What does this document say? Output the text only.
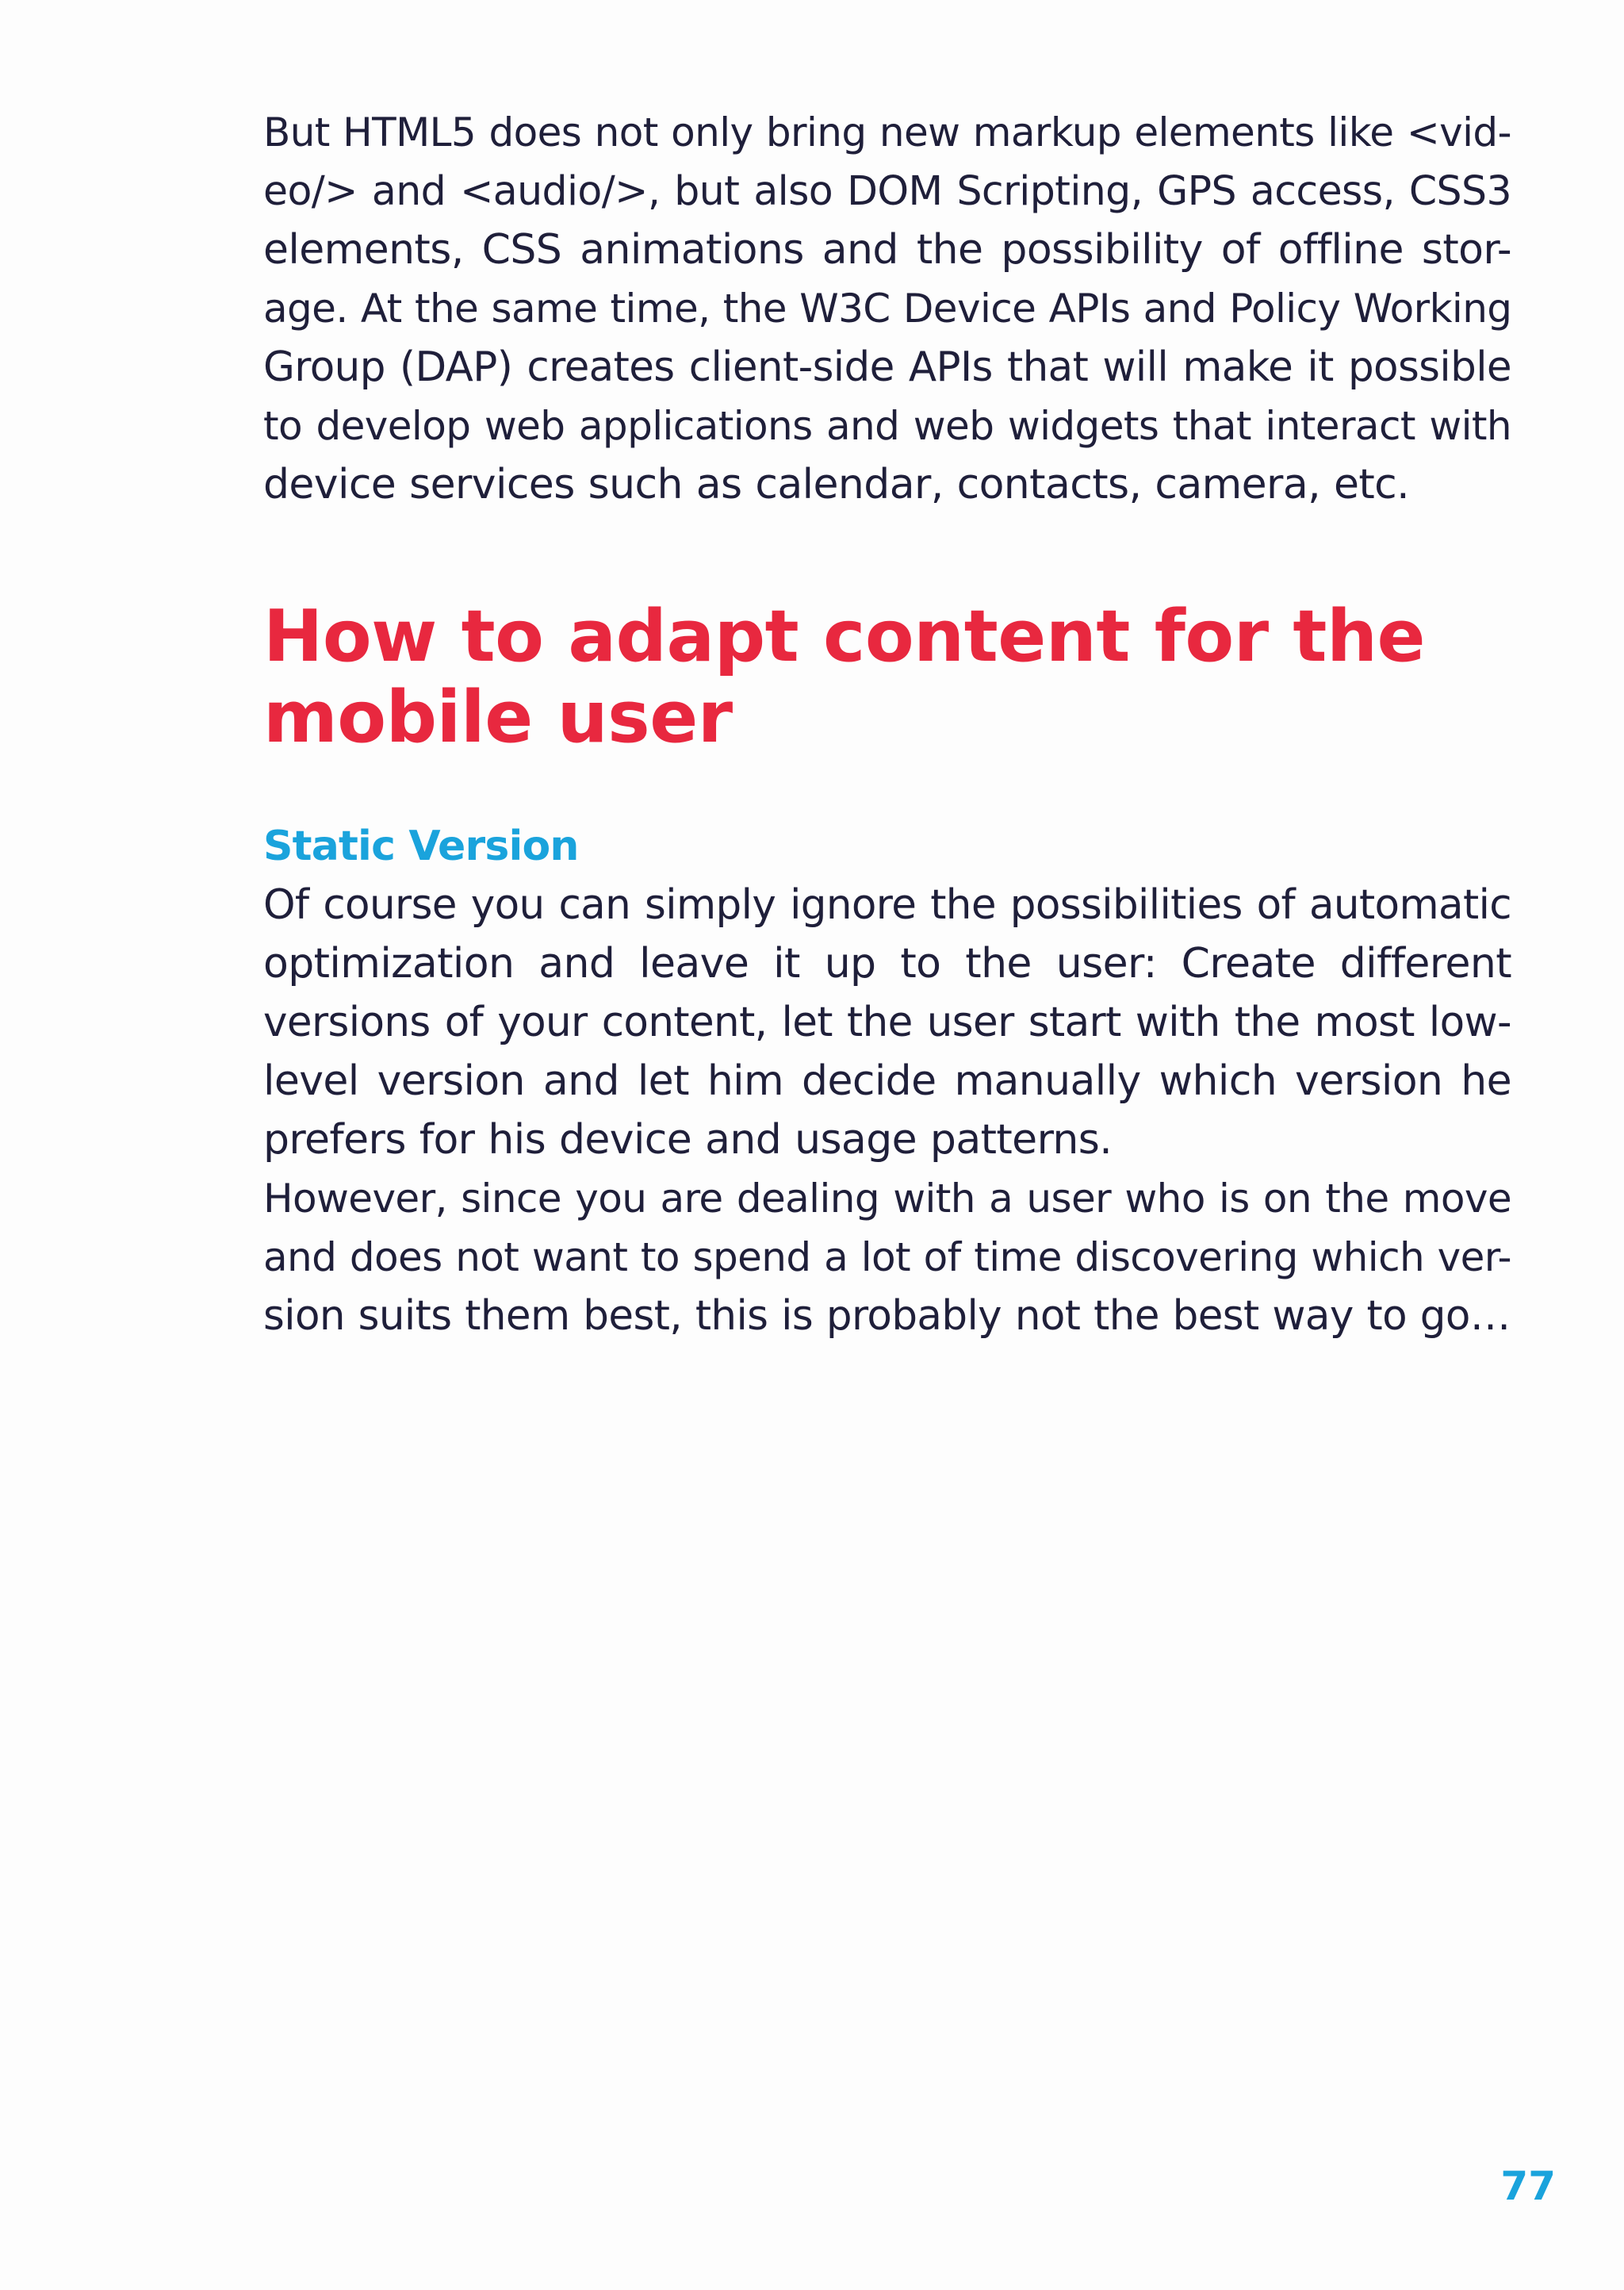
But HTML5 does not only bring new markup elements like <vid-
eo/> and <audio/>, but also DOM Scripting, GPS access, CSS3
elements, CSS animations and the possibility of offline stor-
age. At the same time, the W3C Device APIs and Policy Working
Group (DAP) creates client-side APIs that will make it possible
to develop web applications and web widgets that interact with
device services such as calendar, contacts, camera, etc.

How to adapt content for the
mobile user
Static Version

Of course you can simply ignore the possibilities of automatic
optimization and leave it up to the user: Create different
versions of your content, let the user start with the most low-
level version and let him decide manually which version he
prefers for his device and usage patterns.

However, since you are dealing with a user who is on the move
and does not want to spend a lot of time discovering which ver-
sion suits them best, this is probably not the best way to go…

77
